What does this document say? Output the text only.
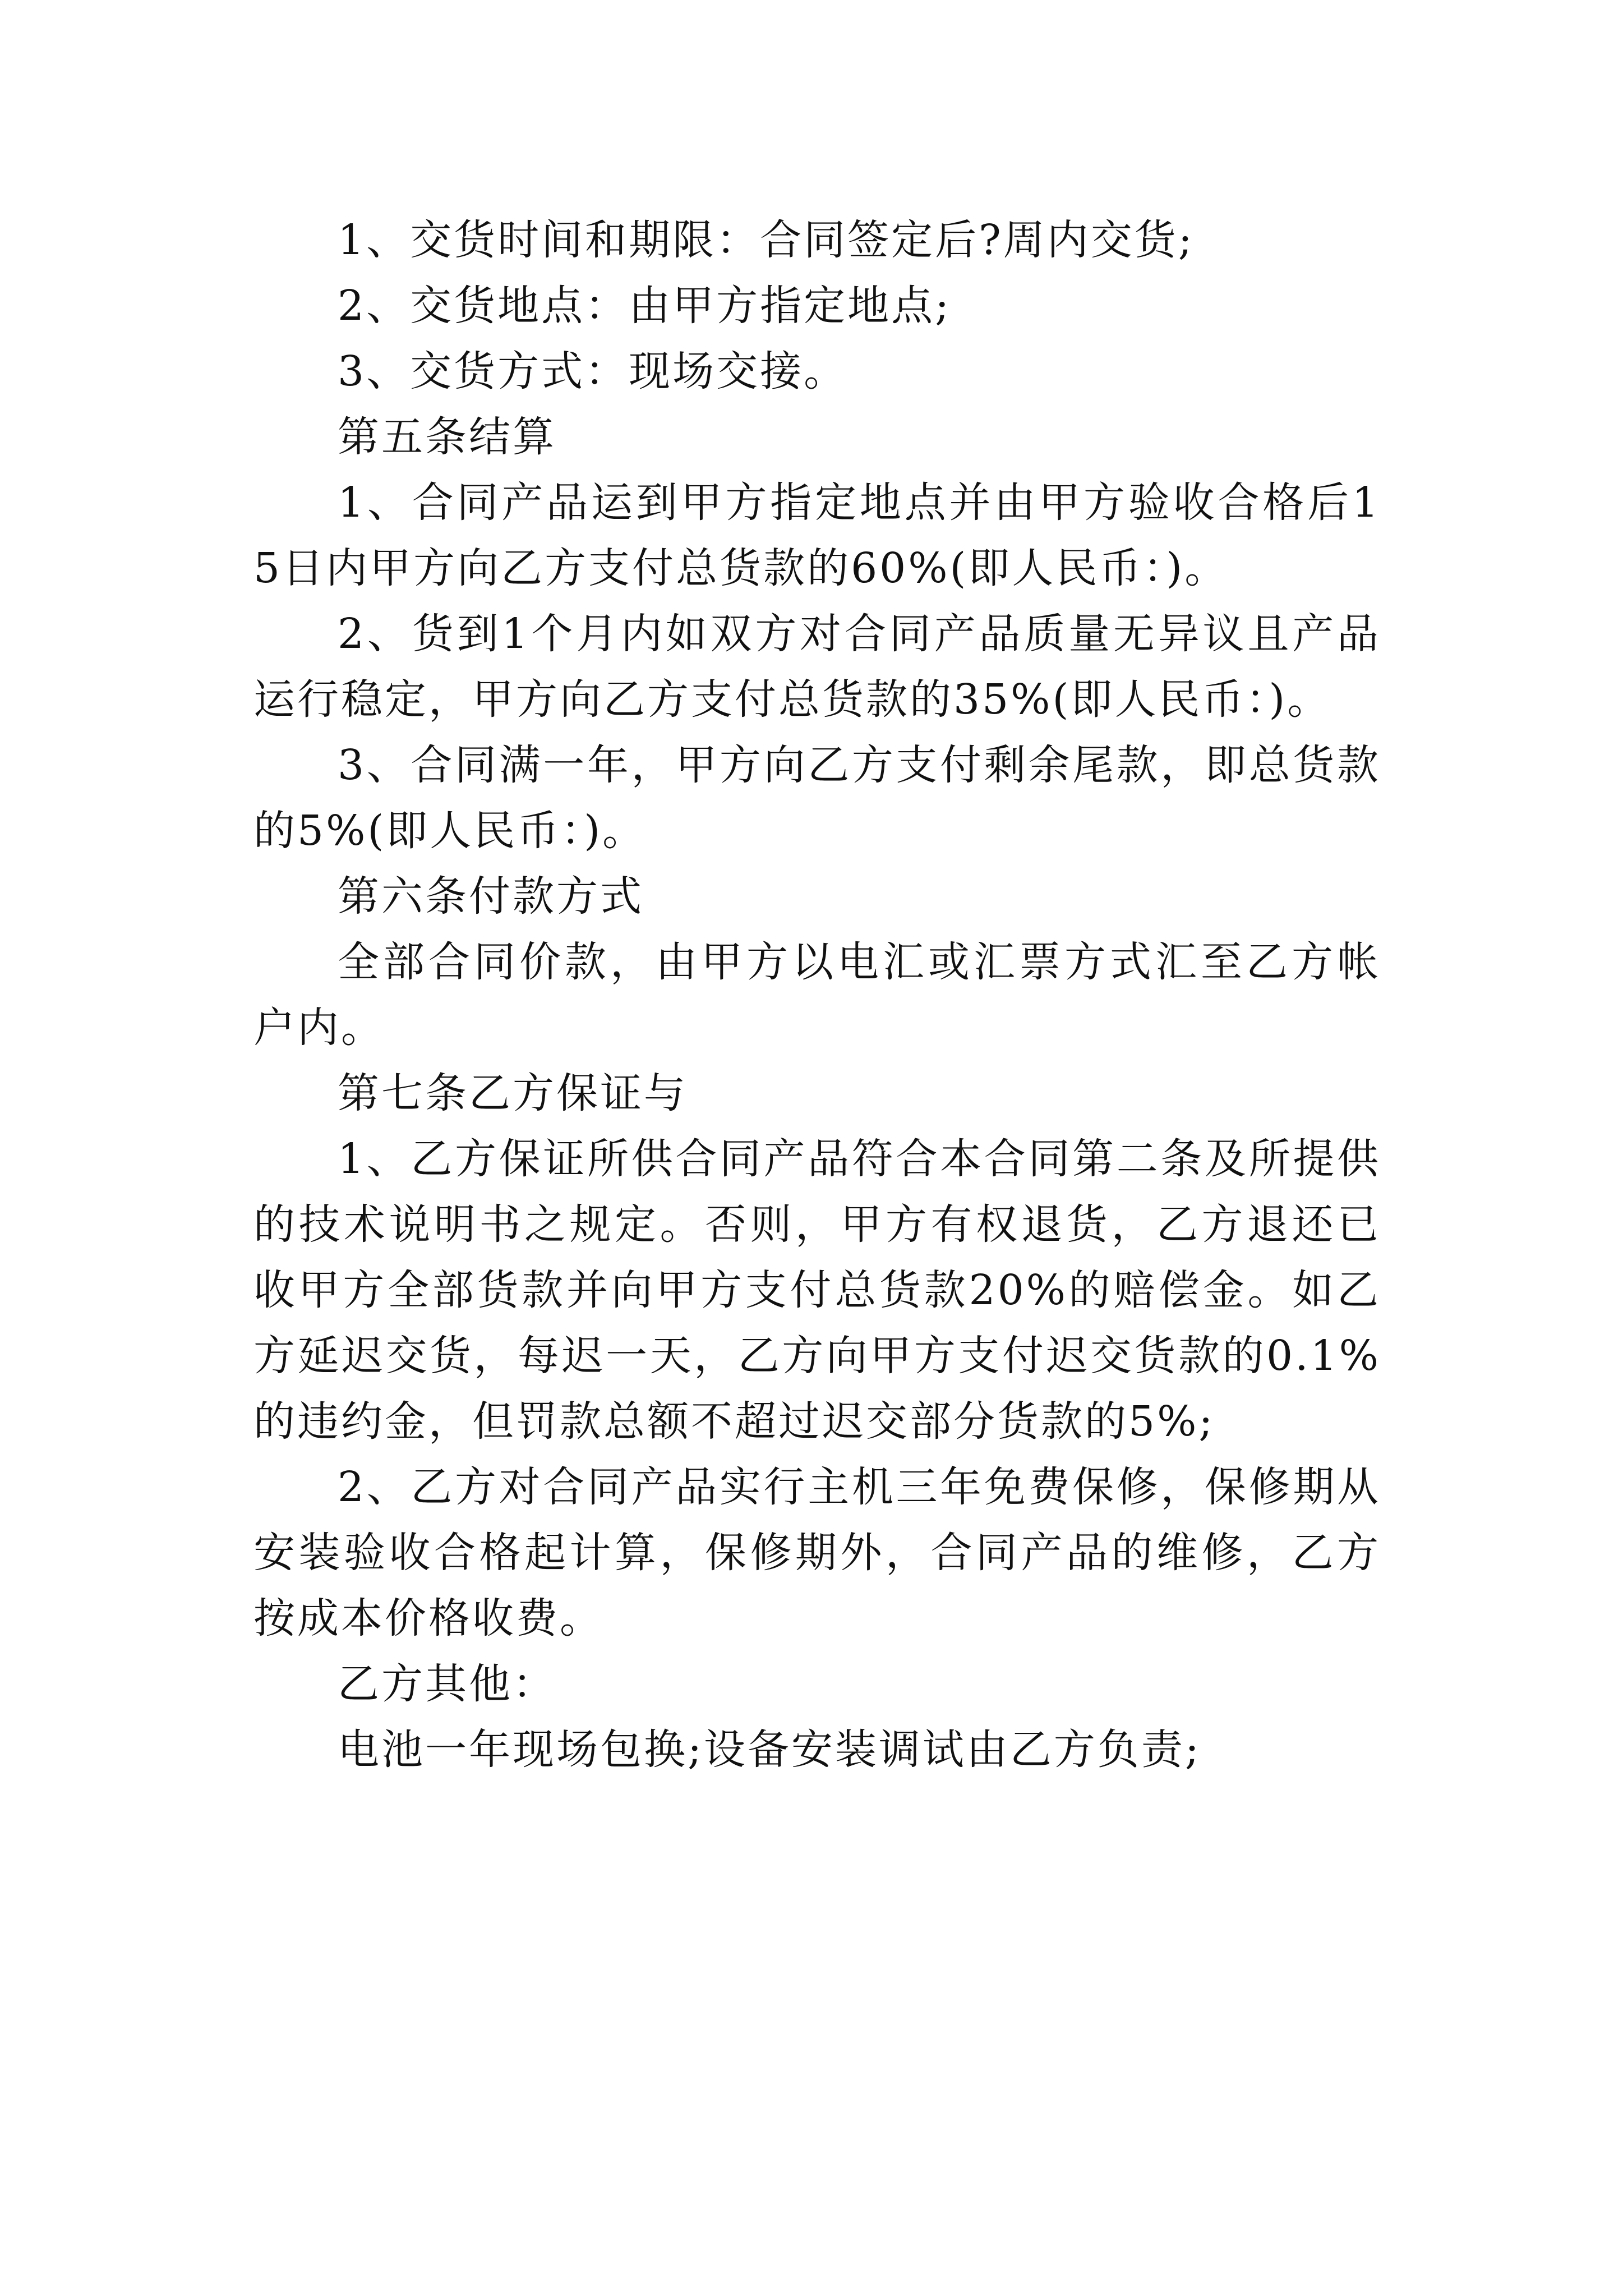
1、交货时间和期限：合同签定后?周内交货;

2、交货地点：由甲方指定地点;

3、交货方式：现场交接。

第五条结算

1、合同产品运到甲方指定地点并由甲方验收合格后15日内甲方向乙方支付总货款的60%(即人民币：)。

2、货到1个月内如双方对合同产品质量无异议且产品运行稳定，甲方向乙方支付总货款的35%(即人民币：)。

3、合同满一年，甲方向乙方支付剩余尾款，即总货款的5%(即人民币：)。

第六条付款方式

全部合同价款，由甲方以电汇或汇票方式汇至乙方帐户内。

第七条乙方保证与

1、乙方保证所供合同产品符合本合同第二条及所提供的技术说明书之规定。否则，甲方有权退货，乙方退还已收甲方全部货款并向甲方支付总货款20%的赔偿金。如乙方延迟交货，每迟一天，乙方向甲方支付迟交货款的0.1%的违约金，但罚款总额不超过迟交部分货款的5%;

2、乙方对合同产品实行主机三年免费保修，保修期从安装验收合格起计算，保修期外，合同产品的维修，乙方按成本价格收费。

乙方其他：

电池一年现场包换;设备安装调试由乙方负责;
